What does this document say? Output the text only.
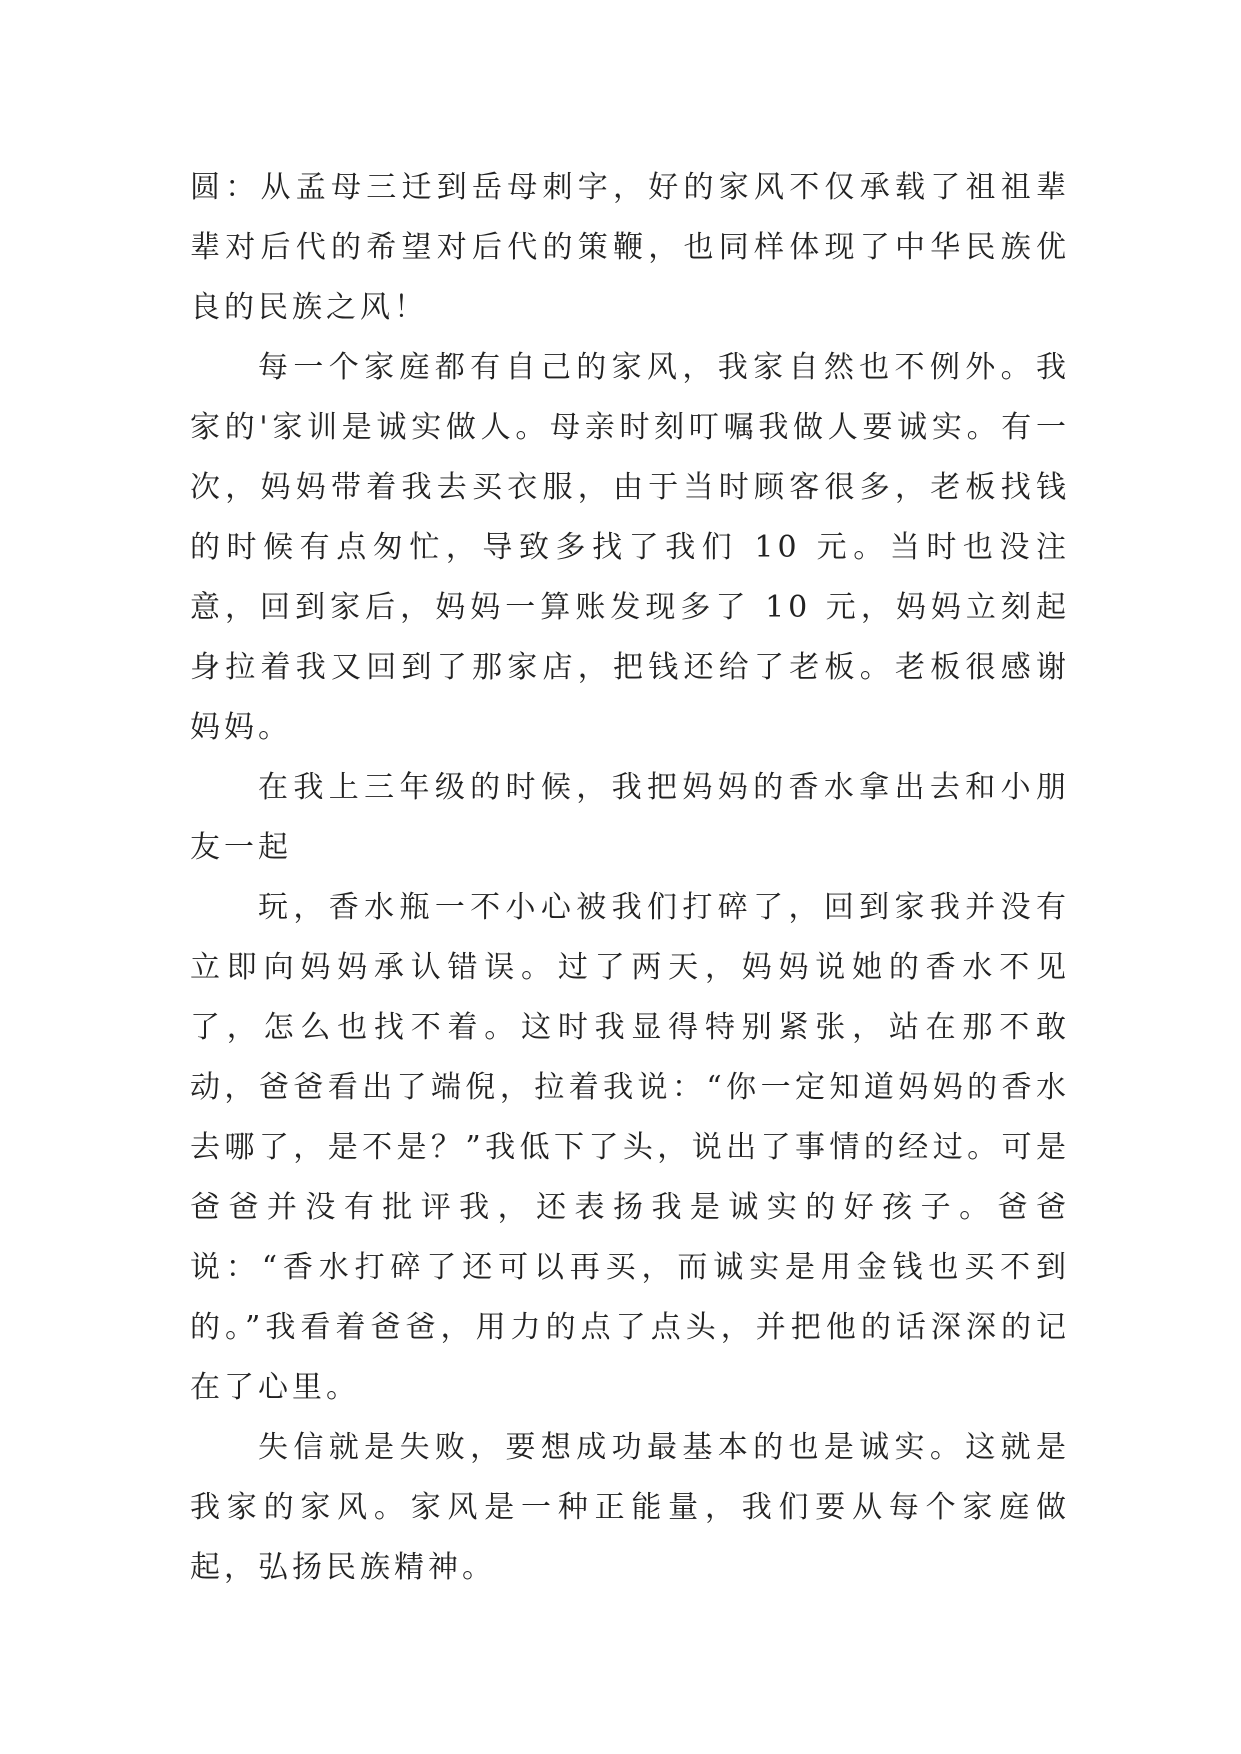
圆：从孟母三迁到岳母刺字，好的家风不仅承载了祖祖辈辈对后代的希望对后代的策鞭，也同样体现了中华民族优良的民族之风！

每一个家庭都有自己的家风，我家自然也不例外。我家的'家训是诚实做人。母亲时刻叮嘱我做人要诚实。有一次，妈妈带着我去买衣服，由于当时顾客很多，老板找钱的时候有点匆忙，导致多找了我们 10 元。当时也没注意，回到家后，妈妈一算账发现多了 10 元，妈妈立刻起身拉着我又回到了那家店，把钱还给了老板。老板很感谢妈妈。

在我上三年级的时候，我把妈妈的香水拿出去和小朋友一起

玩，香水瓶一不小心被我们打碎了，回到家我并没有立即向妈妈承认错误。过了两天，妈妈说她的香水不见了，怎么也找不着。这时我显得特别紧张，站在那不敢动，爸爸看出了端倪，拉着我说：“你一定知道妈妈的香水去哪了，是不是？”我低下了头，说出了事情的经过。可是爸爸并没有批评我，还表扬我是诚实的好孩子。爸爸说：“香水打碎了还可以再买，而诚实是用金钱也买不到的。”我看着爸爸，用力的点了点头，并把他的话深深的记在了心里。

失信就是失败，要想成功最基本的也是诚实。这就是我家的家风。家风是一种正能量，我们要从每个家庭做起，弘扬民族精神。
